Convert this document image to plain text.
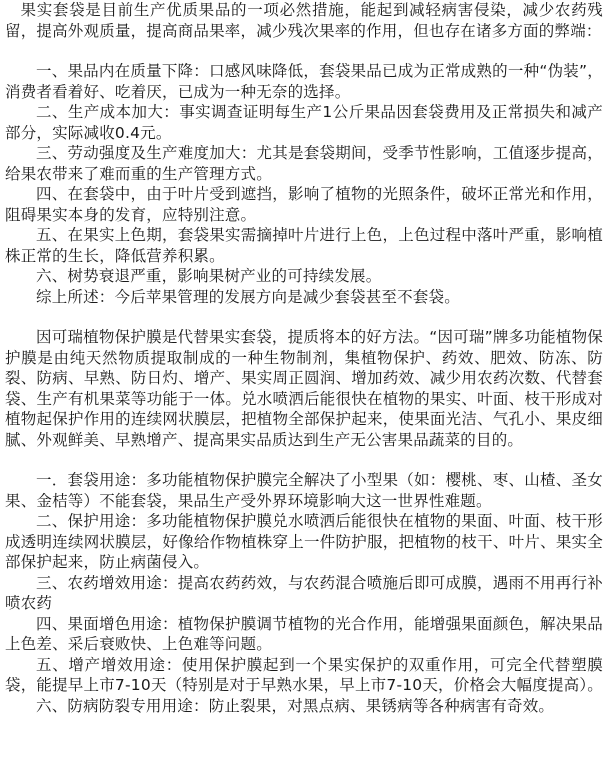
果实套袋是目前生产优质果品的一项必然措施，能起到减轻病害侵染，减少农药残留，提高外观质量，提高商品果率，减少残次果率的作用，但也存在诸多方面的弊端：

一、果品内在质量下降：口感风味降低，套袋果品已成为正常成熟的一种“伪装”，消费者看着好、吃着厌，已成为一种无奈的选择。

二、生产成本加大：事实调查证明每生产1公斤果品因套袋费用及正常损失和减产部分，实际减收0.4元。

三、劳动强度及生产难度加大：尤其是套袋期间，受季节性影响，工值逐步提高，给果农带来了难而重的生产管理方式。

四、在套袋中，由于叶片受到遮挡，影响了植物的光照条件，破坏正常光和作用，阻碍果实本身的发育，应特别注意。

五、在果实上色期，套袋果实需摘掉叶片进行上色，上色过程中落叶严重，影响植株正常的生长，降低营养积累。

六、树势衰退严重，影响果树产业的可持续发展。

综上所述：今后苹果管理的发展方向是减少套袋甚至不套袋。

因可瑞植物保护膜是代替果实套袋，提质将本的好方法。“因可瑞”牌多功能植物保护膜是由纯天然物质提取制成的一种生物制剂，集植物保护、药效、肥效、防冻、防裂、防病、早熟、防日灼、增产、果实周正圆润、增加药效、减少用农药次数、代替套袋、生产有机果菜等功能于一体。兑水喷洒后能很快在植物的果实、叶面、枝干形成对植物起保护作用的连续网状膜层，把植物全部保护起来，使果面光洁、气孔小、果皮细腻、外观鲜美、早熟增产、提高果实品质达到生产无公害果品蔬菜的目的。

一．套袋用途：多功能植物保护膜完全解决了小型果（如：樱桃、枣、山楂、圣女果、金桔等）不能套袋，果品生产受外界环境影响大这一世界性难题。

二、保护用途：多功能植物保护膜兑水喷洒后能很快在植物的果面、叶面、枝干形成透明连续网状膜层，好像给作物植株穿上一件防护服，把植物的枝干、叶片、果实全部保护起来，防止病菌侵入。

三、农药增效用途：提高农药药效，与农药混合喷施后即可成膜，遇雨不用再行补喷农药

四、果面增色用途：植物保护膜调节植物的光合作用，能增强果面颜色，解决果品上色差、采后衰败快、上色难等问题。

五、增产增效用途：使用保护膜起到一个果实保护的双重作用，可完全代替塑膜袋，能提早上市7-10天（特别是对于早熟水果，早上市7-10天，价格会大幅度提高）。

六、防病防裂专用用途：防止裂果，对黑点病、果锈病等各种病害有奇效。
